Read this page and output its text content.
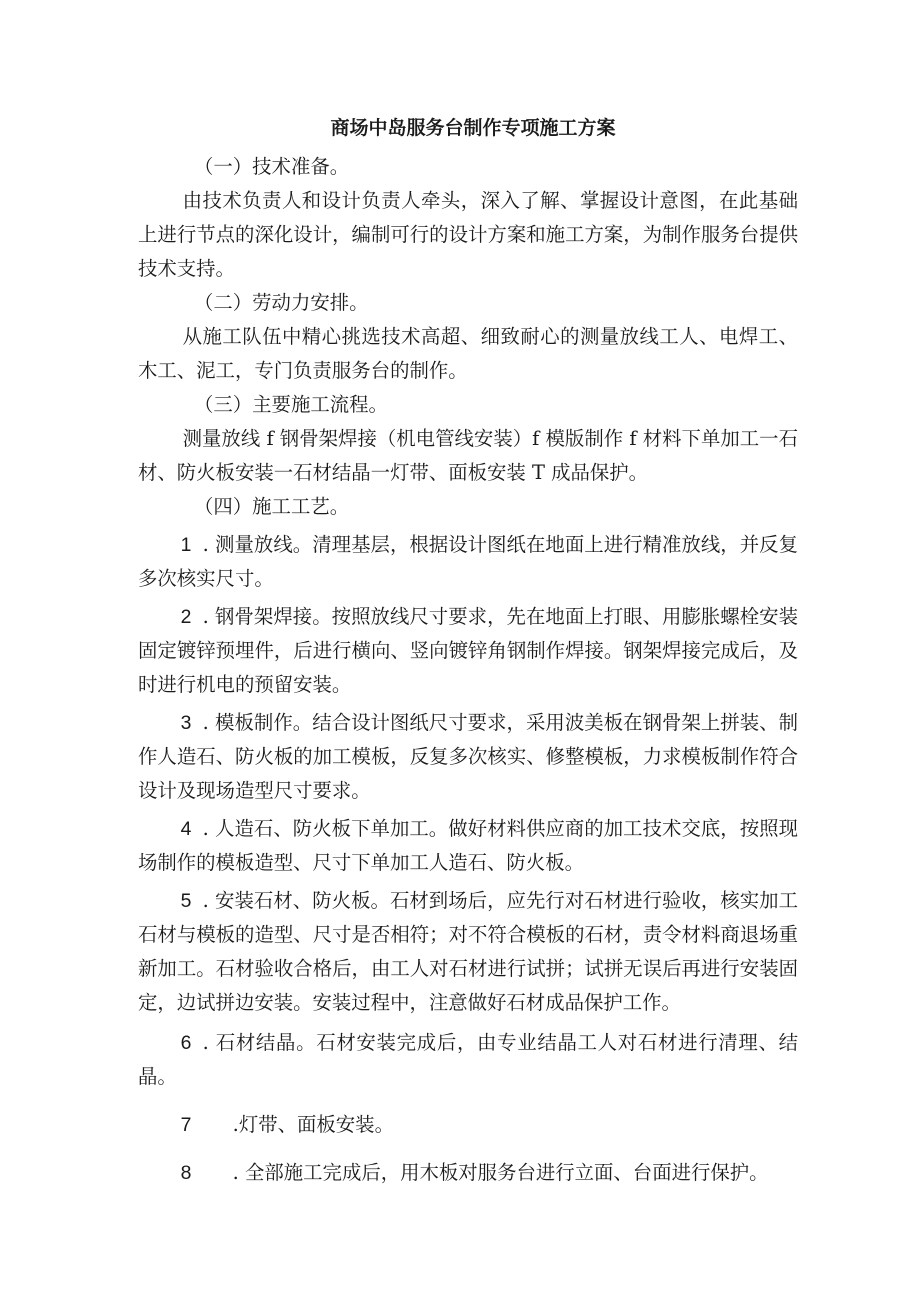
商场中岛服务台制作专项施工方案
（一）技术准备。

由技术负责人和设计负责人牵头，深入了解、掌握设计意图，在此基础上进行节点的深化设计，编制可行的设计方案和施工方案，为制作服务台提供技术支持。

（二）劳动力安排。

从施工队伍中精心挑选技术高超、细致耐心的测量放线工人、电焊工、木工、泥工，专门负责服务台的制作。

（三）主要施工流程。

测量放线 f 钢骨架焊接（机电管线安装）f 模版制作 f 材料下单加工一石材、防火板安装一石材结晶一灯带、面板安装 T 成品保护。

（四）施工工艺。

1 . 测量放线。清理基层，根据设计图纸在地面上进行精准放线，并反复多次核实尺寸。

2 . 钢骨架焊接。按照放线尺寸要求，先在地面上打眼、用膨胀螺栓安装固定镀锌预埋件，后进行横向、竖向镀锌角钢制作焊接。钢架焊接完成后，及时进行机电的预留安装。

3 . 模板制作。结合设计图纸尺寸要求，采用波美板在钢骨架上拼装、制作人造石、防火板的加工模板，反复多次核实、修整模板，力求模板制作符合设计及现场造型尺寸要求。

4 . 人造石、防火板下单加工。做好材料供应商的加工技术交底，按照现场制作的模板造型、尺寸下单加工人造石、防火板。

5 . 安装石材、防火板。石材到场后，应先行对石材进行验收，核实加工石材与模板的造型、尺寸是否相符；对不符合模板的石材，责令材料商退场重新加工。石材验收合格后，由工人对石材进行试拼；试拼无误后再进行安装固定，边试拼边安装。安装过程中，注意做好石材成品保护工作。

6 . 石材结晶。石材安装完成后，由专业结晶工人对石材进行清理、结晶。

7 .灯带、面板安装。

8 . 全部施工完成后，用木板对服务台进行立面、台面进行保护。
